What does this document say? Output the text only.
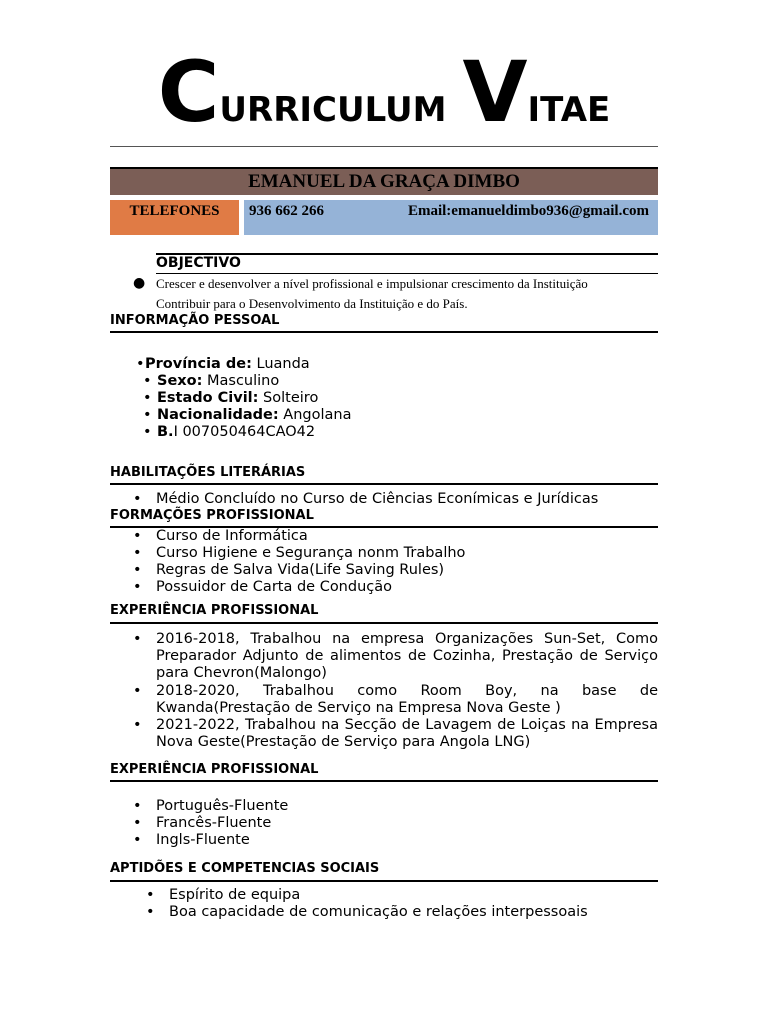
CURRICULUM VITAE
EMANUEL DA GRAÇA DIMBO
TELEFONES	936 662 266	Email:emanueldimbo936@gmail.com
OBJECTIVO
● Crescer e desenvolver a nível profissional e impulsionar crescimento da Instituição
Contribuir para o Desenvolvimento da Instituição e do País.
INFORMAÇÃO PESSOAL
• Província de: Luanda
• Sexo: Masculino
• Estado Civil: Solteiro
• Nacionalidade: Angolana
• B.I 007050464CAO42
HABILITAÇÕES LITERÁRIAS
• Médio Concluído no Curso de Ciências Econímicas e Jurídicas
FORMAÇÕES PROFISSIONAL
• Curso de Informática
• Curso Higiene e Segurança nonm Trabalho
• Regras de Salva Vida(Life Saving Rules)
• Possuidor de Carta de Condução
EXPERIÊNCIA PROFISSIONAL
• 2016-2018, Trabalhou na empresa Organizações Sun-Set, Como Preparador Adjunto de alimentos de Cozinha, Prestação de Serviço para Chevron(Malongo)
• 2018-2020, Trabalhou como Room Boy, na base de Kwanda(Prestação de Serviço na Empresa Nova Geste )
• 2021-2022, Trabalhou na Secção de Lavagem de Loiças na Empresa Nova Geste(Prestação de Serviço para Angola LNG)
EXPERIÊNCIA PROFISSIONAL
• Português-Fluente
• Francês-Fluente
• Ingls-Fluente
APTIDÕES E COMPETENCIAS SOCIAIS
• Espírito de equipa
• Boa capacidade de comunicação e relações interpessoais
